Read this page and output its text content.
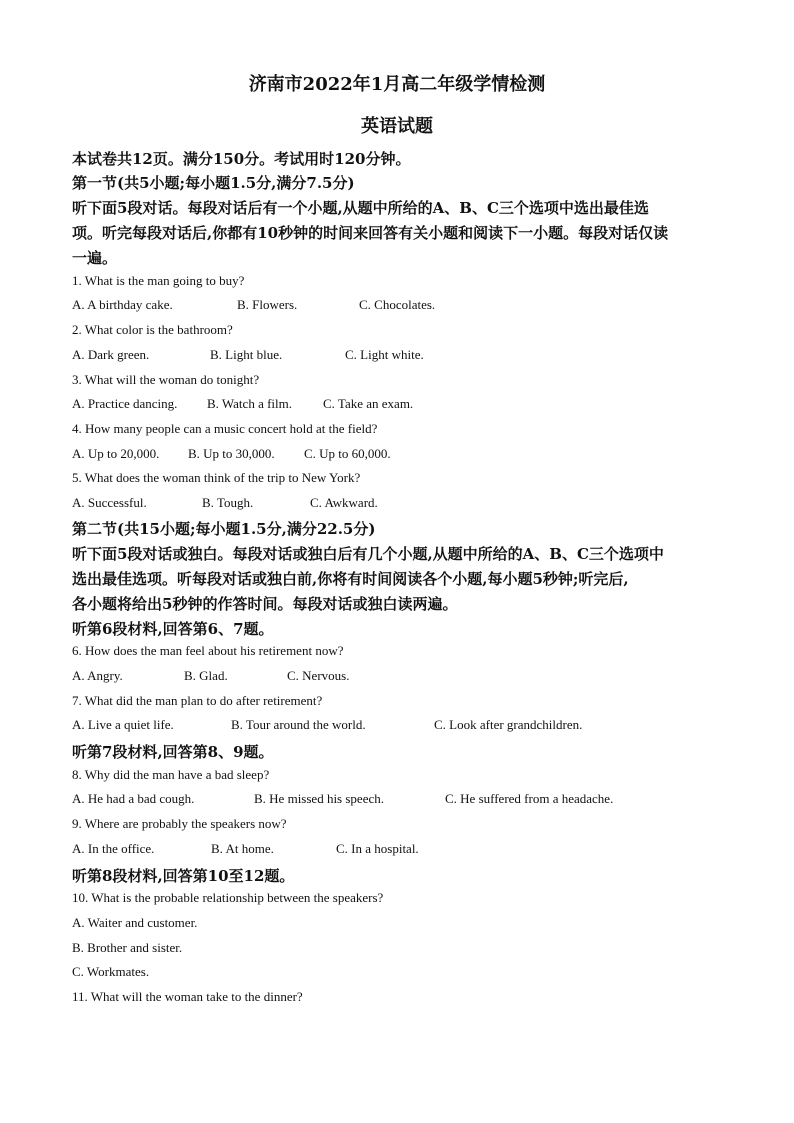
济南市2022年1月高二年级学情检测
英语试题
本试卷共12页。满分150分。考试用时120分钟。
第一节(共5小题;每小题1.5分,满分7.5分)
听下面5段对话。每段对话后有一个小题,从题中所给的A、B、C三个选项中选出最佳选
项。听完每段对话后,你都有10秒钟的时间来回答有关小题和阅读下一小题。每段对话仅读
一遍。
1. What is the man going to buy?
A. A birthday cake.	B. Flowers.	C. Chocolates.
2. What color is the bathroom?
A. Dark green.	B. Light blue.	C. Light white.
3. What will the woman do tonight?
A. Practice dancing. B. Watch a film. C. Take an exam.
4. How many people can a music concert hold at the field?
A. Up to 20,000. B. Up to 30,000. C. Up to 60,000.
5. What does the woman think of the trip to New York?
A. Successful.	B. Tough.	C. Awkward.
第二节(共15小题;每小题1.5分,满分22.5分)
听下面5段对话或独白。每段对话或独白后有几个小题,从题中所给的A、B、C三个选项中
选出最佳选项。听每段对话或独白前,你将有时间阅读各个小题,每小题5秒钟;听完后,
各小题将给出5秒钟的作答时间。每段对话或独白读两遍。
听第6段材料,回答第6、7题。
6. How does the man feel about his retirement now?
A. Angry.	B. Glad.	C. Nervous.
7. What did the man plan to do after retirement?
A. Live a quiet life.	B. Tour around the world.	C. Look after grandchildren.
听第7段材料,回答第8、9题。
8. Why did the man have a bad sleep?
A. He had a bad cough.	B. He missed his speech.	C. He suffered from a headache.
9. Where are probably the speakers now?
A. In the office.	B. At home.	C. In a hospital.
听第8段材料,回答第10至12题。
10. What is the probable relationship between the speakers?
A. Waiter and customer.
B. Brother and sister.
C. Workmates.
11. What will the woman take to the dinner?
